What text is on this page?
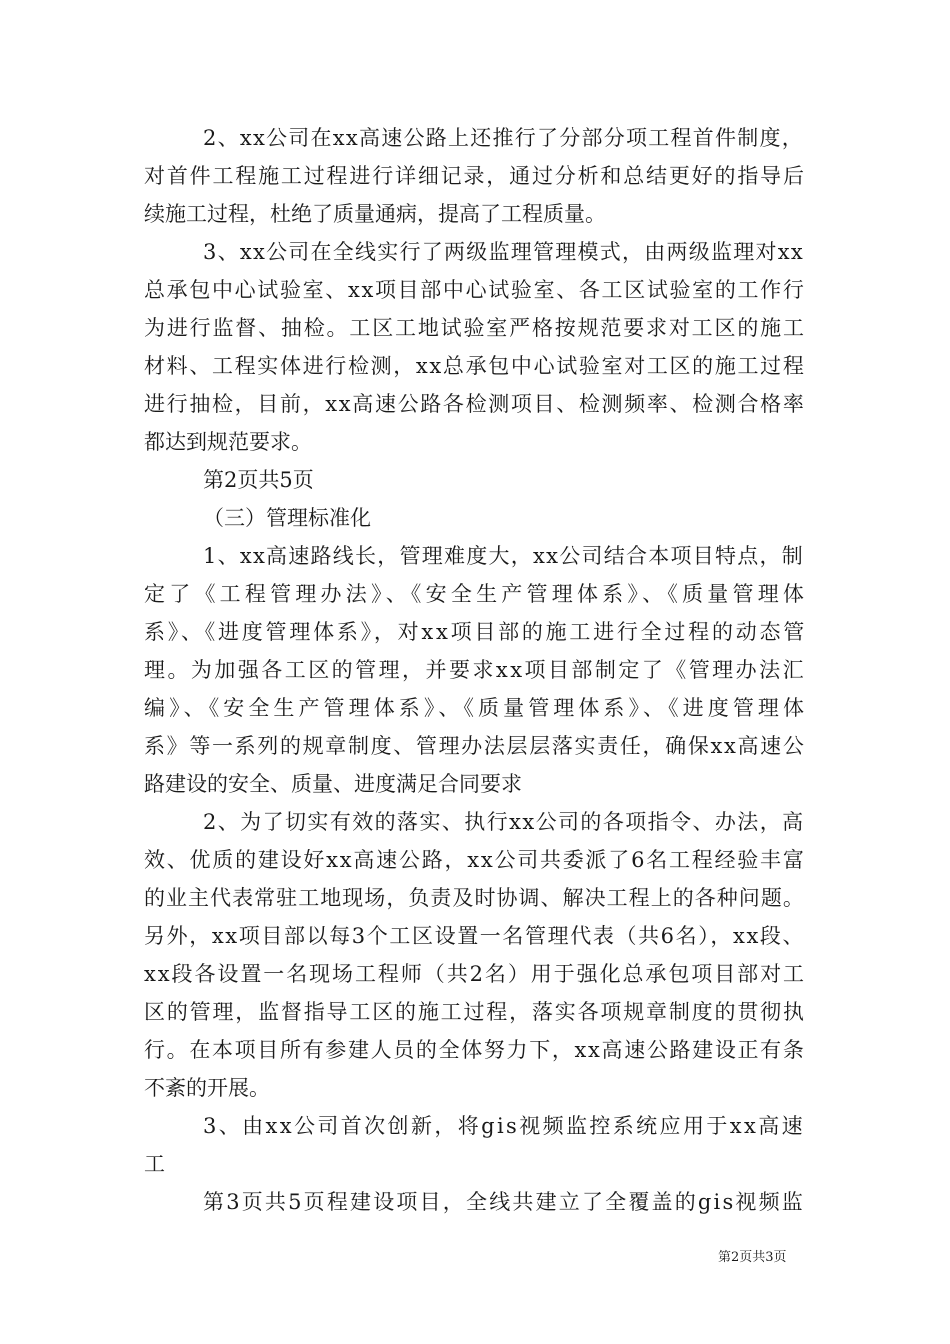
2、xx公司在xx高速公路上还推行了分部分项工程首件制度，
对首件工程施工过程进行详细记录，通过分析和总结更好的指导后
续施工过程，杜绝了质量通病，提高了工程质量。
3、xx公司在全线实行了两级监理管理模式，由两级监理对xx
总承包中心试验室、xx项目部中心试验室、各工区试验室的工作行
为进行监督、抽检。工区工地试验室严格按规范要求对工区的施工
材料、工程实体进行检测，xx总承包中心试验室对工区的施工过程
进行抽检，目前，xx高速公路各检测项目、检测频率、检测合格率
都达到规范要求。
第2页共5页
（三）管理标准化
1、xx高速路线长，管理难度大，xx公司结合本项目特点，制
定了《工程管理办法》、《安全生产管理体系》、《质量管理体
系》、《进度管理体系》，对xx项目部的施工进行全过程的动态管
理。为加强各工区的管理，并要求xx项目部制定了《管理办法汇
编》、《安全生产管理体系》、《质量管理体系》、《进度管理体
系》等一系列的规章制度、管理办法层层落实责任，确保xx高速公
路建设的安全、质量、进度满足合同要求
2、为了切实有效的落实、执行xx公司的各项指令、办法，高
效、优质的建设好xx高速公路，xx公司共委派了6名工程经验丰富
的业主代表常驻工地现场，负责及时协调、解决工程上的各种问题。
另外，xx项目部以每3个工区设置一名管理代表（共6名），xx段、
xx段各设置一名现场工程师（共2名）用于强化总承包项目部对工
区的管理，监督指导工区的施工过程，落实各项规章制度的贯彻执
行。在本项目所有参建人员的全体努力下，xx高速公路建设正有条
不紊的开展。
3、由xx公司首次创新，将gis视频监控系统应用于xx高速
工
第3页共5页程建设项目，全线共建立了全覆盖的gis视频监
第2页共3页
